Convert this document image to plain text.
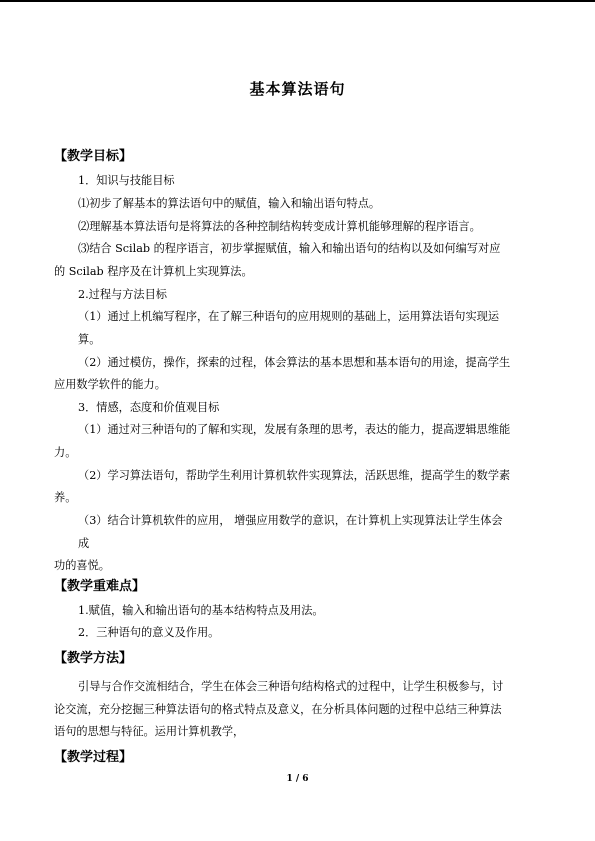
基本算法语句
【教学目标】
1．知识与技能目标
⑴初步了解基本的算法语句中的赋值，输入和输出语句特点。
⑵理解基本算法语句是将算法的各种控制结构转变成计算机能够理解的程序语言。
⑶结合 Scilab 的程序语言，初步掌握赋值，输入和输出语句的结构以及如何编写对应
的 Scilab 程序及在计算机上实现算法。
2.过程与方法目标
（1）通过上机编写程序，在了解三种语句的应用规则的基础上，运用算法语句实现运
算。
（2）通过模仿，操作，探索的过程，体会算法的基本思想和基本语句的用途，提高学生
应用数学软件的能力。
3．情感，态度和价值观目标
（1）通过对三种语句的了解和实现，发展有条理的思考，表达的能力，提高逻辑思维能
力。
（2）学习算法语句，帮助学生利用计算机软件实现算法，活跃思维，提高学生的数学素
养。
（3）结合计算机软件的应用， 增强应用数学的意识，在计算机上实现算法让学生体会
成
功的喜悦。
【教学重难点】
1.赋值，输入和输出语句的基本结构特点及用法。
2．三种语句的意义及作用。
【教学方法】
引导与合作交流相结合，学生在体会三种语句结构格式的过程中，让学生积极参与，讨
论交流，充分挖掘三种算法语句的格式特点及意义，在分析具体问题的过程中总结三种算法
语句的思想与特征。运用计算机教学，
【教学过程】
1 / 6
